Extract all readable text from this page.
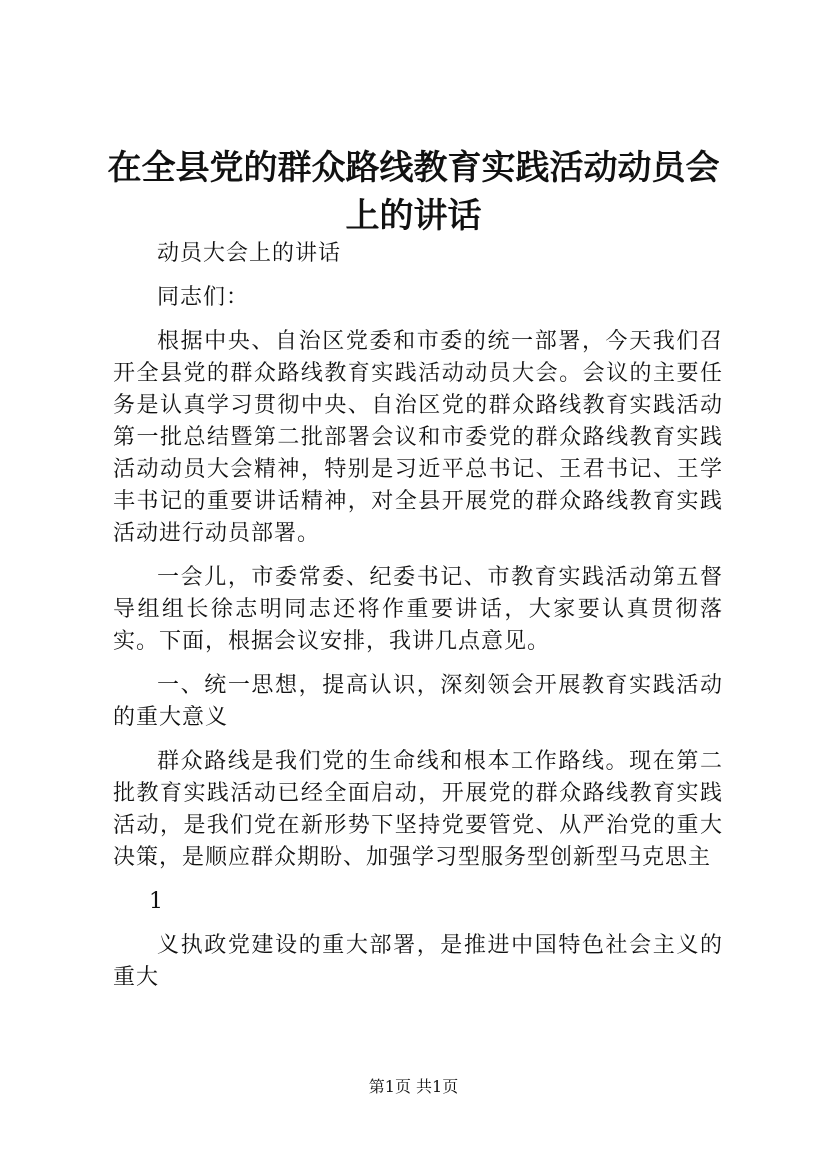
在全县党的群众路线教育实践活动动员会上的讲话

动员大会上的讲话

同志们：

根据中央、自治区党委和市委的统一部署，今天我们召开全县党的群众路线教育实践活动动员大会。会议的主要任务是认真学习贯彻中央、自治区党的群众路线教育实践活动第一批总结暨第二批部署会议和市委党的群众路线教育实践活动动员大会精神，特别是习近平总书记、王君书记、王学丰书记的重要讲话精神，对全县开展党的群众路线教育实践活动进行动员部署。

一会儿，市委常委、纪委书记、市教育实践活动第五督导组组长徐志明同志还将作重要讲话，大家要认真贯彻落实。下面，根据会议安排，我讲几点意见。

一、统一思想，提高认识，深刻领会开展教育实践活动的重大意义

群众路线是我们党的生命线和根本工作路线。现在第二批教育实践活动已经全面启动，开展党的群众路线教育实践活动，是我们党在新形势下坚持党要管党、从严治党的重大决策，是顺应群众期盼、加强学习型服务型创新型马克思主

1

义执政党建设的重大部署，是推进中国特色社会主义的重大

第1页 共1页
